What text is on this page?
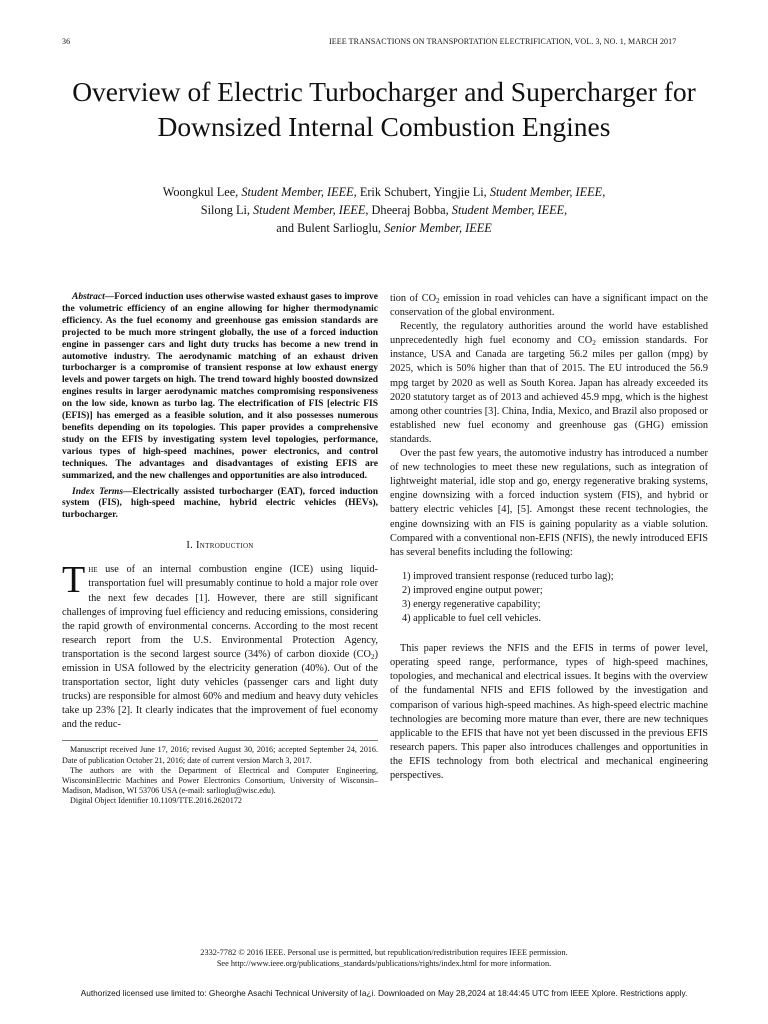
36	IEEE TRANSACTIONS ON TRANSPORTATION ELECTRIFICATION, VOL. 3, NO. 1, MARCH 2017
Overview of Electric Turbocharger and Supercharger for Downsized Internal Combustion Engines
Woongkul Lee, Student Member, IEEE, Erik Schubert, Yingjie Li, Student Member, IEEE,
Silong Li, Student Member, IEEE, Dheeraj Bobba, Student Member, IEEE,
and Bulent Sarlioglu, Senior Member, IEEE

Abstract—Forced induction uses otherwise wasted exhaust gases to improve the volumetric efficiency of an engine allowing for higher thermodynamic efficiency. As the fuel economy and greenhouse gas emission standards are projected to be much more stringent globally, the use of a forced induction engine in passenger cars and light duty trucks has become a new trend in automotive industry. The aerodynamic matching of an exhaust driven turbocharger is a compromise of transient response at low exhaust energy levels and power targets on high. The trend toward highly boosted downsized engines results in larger aerodynamic matches compromising responsiveness on the low side, known as turbo lag. The electrification of FIS [electric FIS (EFIS)] has emerged as a feasible solution, and it also possesses numerous benefits depending on its topologies. This paper provides a comprehensive study on the EFIS by investigating system level topologies, performance, various types of high-speed machines, power electronics, and control techniques. The advantages and disadvantages of existing EFIS are summarized, and the new challenges and opportunities are also introduced.

Index Terms—Electrically assisted turbocharger (EAT), forced induction system (FIS), high-speed machine, hybrid electric vehicles (HEVs), turbocharger.

I. Introduction

The use of an internal combustion engine (ICE) using liquid-transportation fuel will presumably continue to hold a major role over the next few decades [1]. However, there are still significant challenges of improving fuel efficiency and reducing emissions, considering the rapid growth of environmental concerns. According to the most recent research report from the U.S. Environmental Protection Agency, transportation is the second largest source (34%) of carbon dioxide $(CO_2)$ emission in USA followed by the electricity generation (40%). Out of the transportation sector, light duty vehicles (passenger cars and light duty trucks) are responsible for almost 60% and medium and heavy duty vehicles take up 23% [2]. It clearly indicates that the improvement of fuel economy and the reduc-

Manuscript received June 17, 2016; revised August 30, 2016; accepted September 24, 2016. Date of publication October 21, 2016; date of current version March 3, 2017.

The authors are with the Department of Electrical and Computer Engineering, WisconsinElectric Machines and Power Electronics Consortium, University of Wisconsin–Madison, Madison, WI 53706 USA (e-mail: sarlioglu@wisc.edu).

Digital Object Identifier 10.1109/TTE.2016.2620172

tion of $CO_2$ emission in road vehicles can have a significant impact on the conservation of the global environment.

Recently, the regulatory authorities around the world have established unprecedentedly high fuel economy and $CO_2$ emission standards. For instance, USA and Canada are targeting 56.2 miles per gallon (mpg) by 2025, which is 50% higher than that of 2015. The EU introduced the 56.9 mpg target by 2020 as well as South Korea. Japan has already exceeded its 2020 statutory target as of 2013 and achieved 45.9 mpg, which is the highest among other countries [3]. China, India, Mexico, and Brazil also proposed or established new fuel economy and greenhouse gas (GHG) emission standards.

Over the past few years, the automotive industry has introduced a number of new technologies to meet these new regulations, such as integration of lightweight material, idle stop and go, energy regenerative braking systems, engine downsizing with a forced induction system (FIS), and hybrid or battery electric vehicles [4], [5]. Amongst these recent technologies, the engine downsizing with an FIS is gaining popularity as a viable solution. Compared with a conventional non-EFIS (NFIS), the newly introduced EFIS has several benefits including the following:

1) improved transient response (reduced turbo lag);
2) improved engine output power;
3) energy regenerative capability;
4) applicable to fuel cell vehicles.

This paper reviews the NFIS and the EFIS in terms of power level, operating speed range, performance, types of high-speed machines, topologies, and mechanical and electrical issues. It begins with the overview of the fundamental NFIS and EFIS followed by the investigation and comparison of various high-speed machines. As high-speed electric machine technologies are becoming more mature than ever, there are new techniques applicable to the EFIS that have not yet been discussed in the previous EFIS research papers. This paper also introduces challenges and opportunities in the EFIS technology from both electrical and mechanical engineering perspectives.

2332-7782 © 2016 IEEE. Personal use is permitted, but republication/redistribution requires IEEE permission.
See http://www.ieee.org/publications_standards/publications/rights/index.html for more information.
Authorized licensed use limited to: Gheorghe Asachi Technical University of Ia¿i. Downloaded on May 28,2024 at 18:44:45 UTC from IEEE Xplore. Restrictions apply.
